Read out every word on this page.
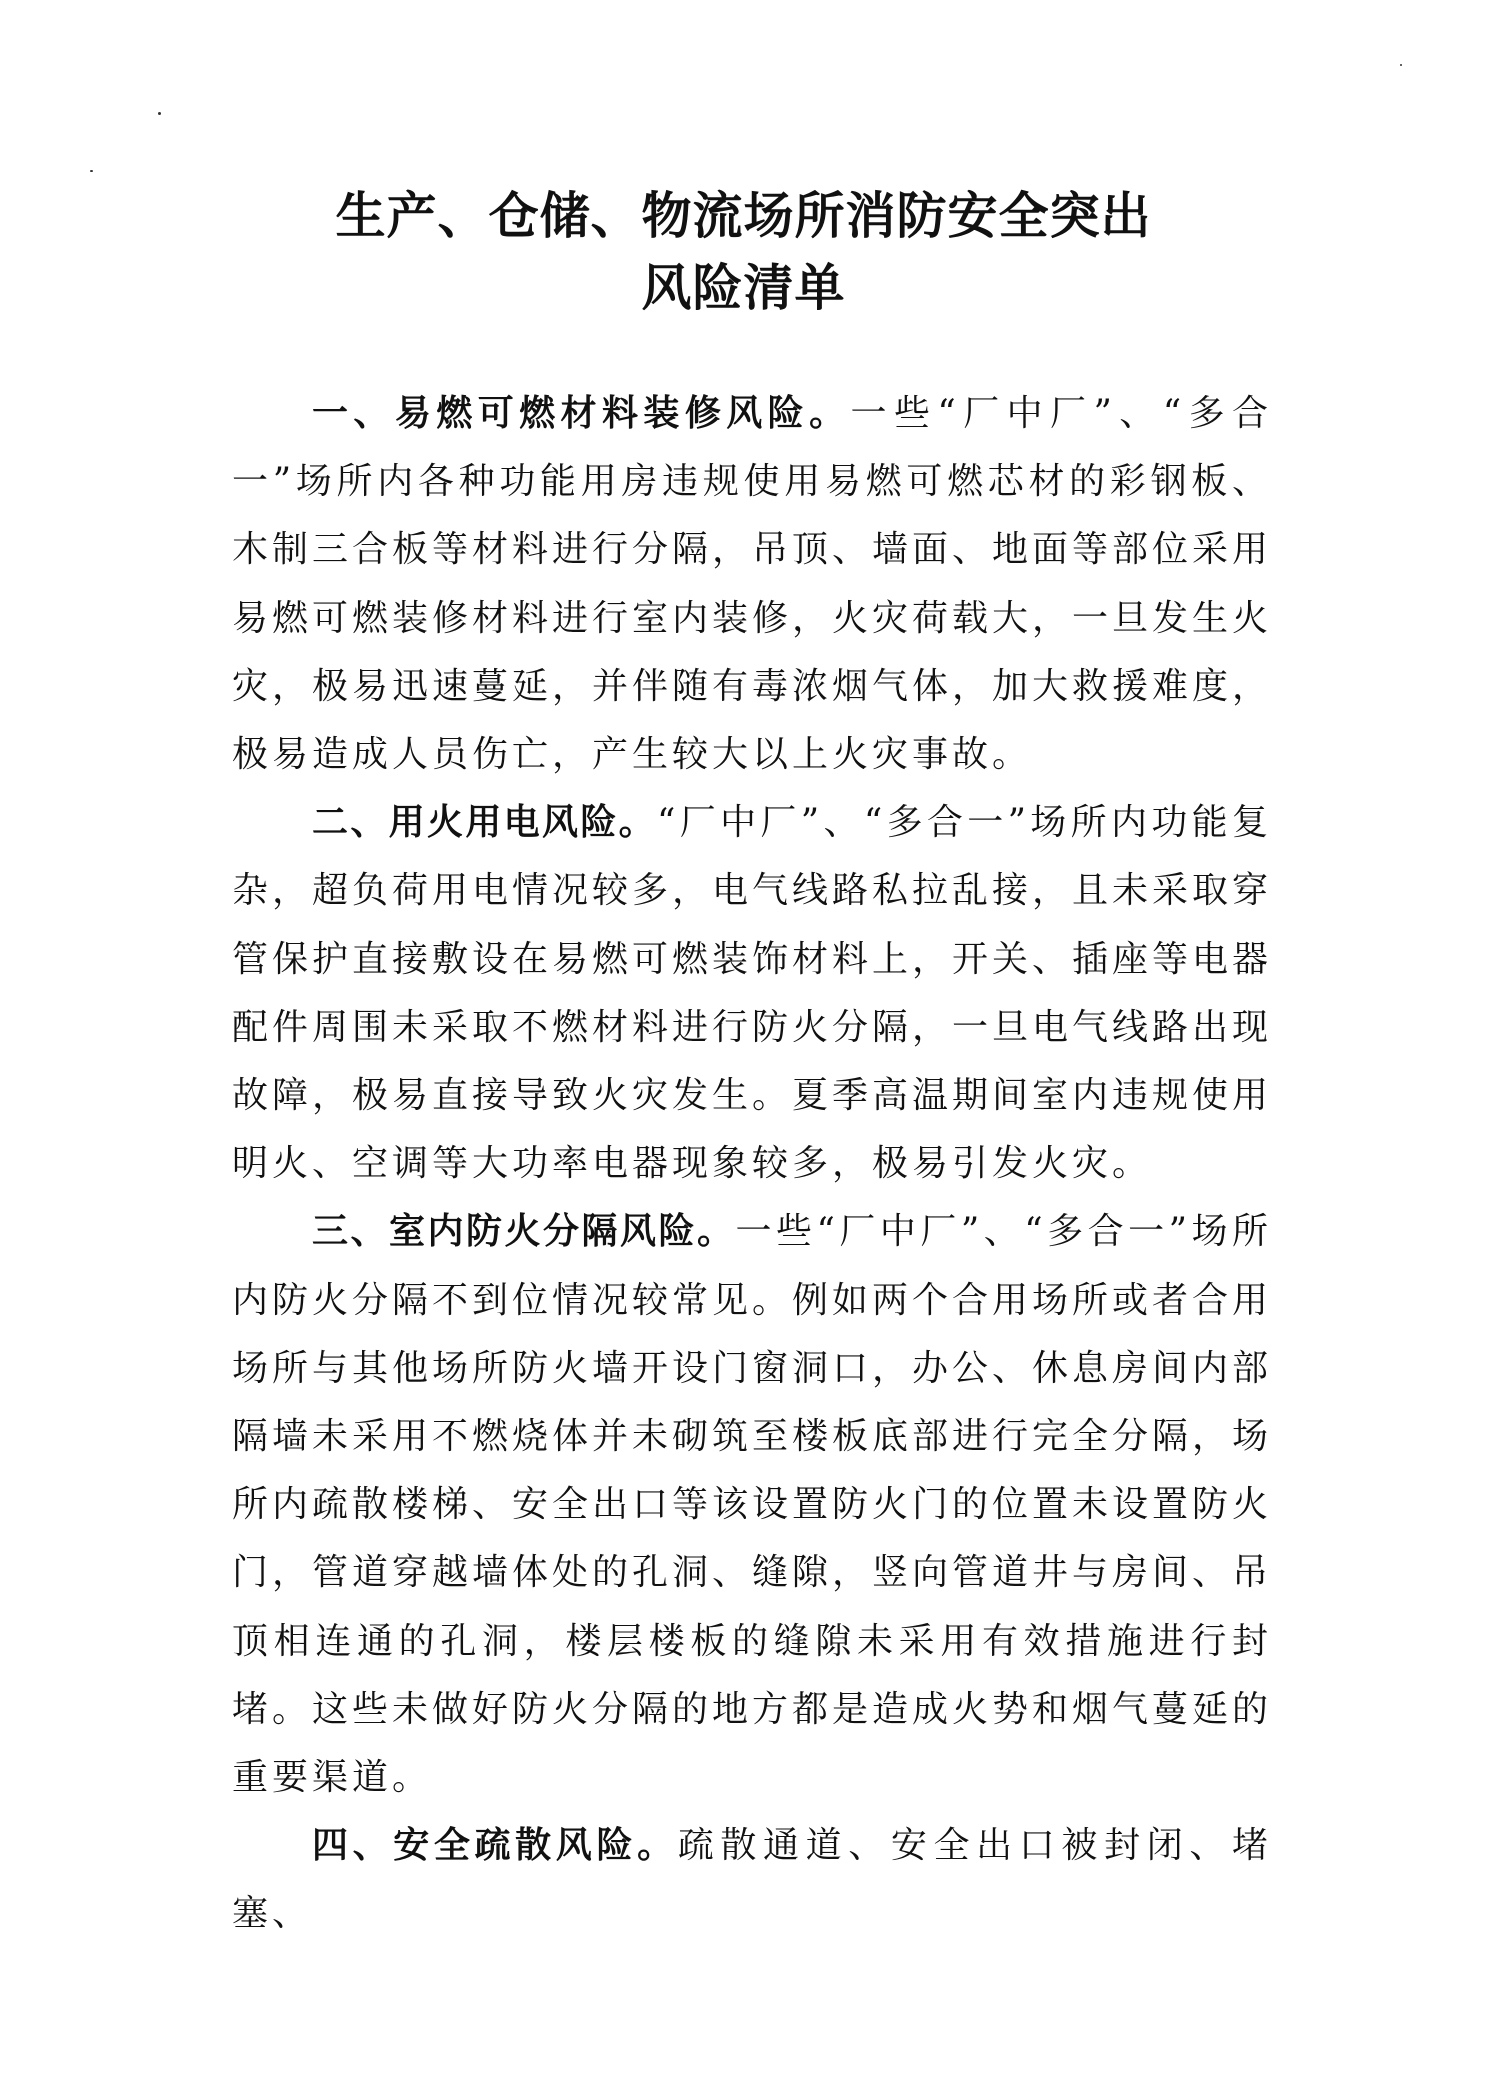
生产、仓储、物流场所消防安全突出
风险清单

一、易燃可燃材料装修风险。一些“厂中厂”、“多合一”场所内各种功能用房违规使用易燃可燃芯材的彩钢板、木制三合板等材料进行分隔，吊顶、墙面、地面等部位采用易燃可燃装修材料进行室内装修，火灾荷载大，一旦发生火灾，极易迅速蔓延，并伴随有毒浓烟气体，加大救援难度，极易造成人员伤亡，产生较大以上火灾事故。

二、用火用电风险。“厂中厂”、“多合一”场所内功能复杂，超负荷用电情况较多，电气线路私拉乱接，且未采取穿管保护直接敷设在易燃可燃装饰材料上，开关、插座等电器配件周围未采取不燃材料进行防火分隔，一旦电气线路出现故障，极易直接导致火灾发生。夏季高温期间室内违规使用明火、空调等大功率电器现象较多，极易引发火灾。

三、室内防火分隔风险。一些“厂中厂”、“多合一”场所内防火分隔不到位情况较常见。例如两个合用场所或者合用场所与其他场所防火墙开设门窗洞口，办公、休息房间内部隔墙未采用不燃烧体并未砌筑至楼板底部进行完全分隔，场所内疏散楼梯、安全出口等该设置防火门的位置未设置防火门，管道穿越墙体处的孔洞、缝隙，竖向管道井与房间、吊顶相连通的孔洞，楼层楼板的缝隙未采用有效措施进行封堵。这些未做好防火分隔的地方都是造成火势和烟气蔓延的重要渠道。

四、安全疏散风险。疏散通道、安全出口被封闭、堵塞、
